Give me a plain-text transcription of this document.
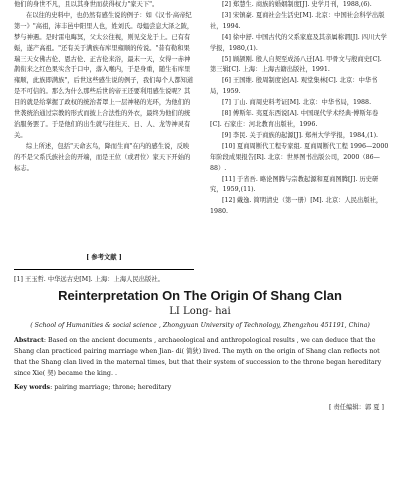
他们的身世不凡，且以其身世而获得权力"家天下"。

在以往的史料中，也仍然有感生说的例子：如《汉书·高帝纪第一》"高祖，沛丰邑中阳里人也，姓刘氏。母媪尝息大泽之陂，梦与神遇。是时雷电晦冥，父太公往视，则见交龙于上。已有有娠，遂产高祖。"还有关于满族布库里雍顺的传说。"昔有勒和果瑞三天女佛古伦、恩古伦、正古伦来浴，最末一天，女得一赤神鹊衔来之红色果实含于口中，落入喉内，于是身重，随生布库里雍顺，此族即满族"，后世这些感生说的例子，我们每个人都知道是不可信的。那么为什么那些后世的帝王还要利用感生说呢？其目的就是给掌握了政权的统治者罩上一层神秘的光环，为他们的世袭统治通过宗教的形式而披上合法性的外衣，最终为他们的统治服务罢了。于是他们的出生就与往往天、日、人、龙等神灵有关。

综上所述，包括"天命玄鸟，降而生商"在内的感生说，反映的不是父系氏族社会的开端，而是王位（或君位）家天下开始的标志。

[2] 郑慧生. 商族的婚姻制度[J]. 史学月刊，1988,(6).

[3] 宋镇豪. 夏商社会生活史[M]. 北京：中国社会科学出版社，1994.

[4] 徐中舒. 中国古代的父系家庭及其亲属称谓[J]. 四川大学学报，1980,(1).

[5] 顾颉刚. 殷人自契至成汤八迁[A]. 甲骨文与殷商史[C]. 第三辑[C]. 上海：上海古籍出版社，1991.

[6] 王国维. 殷周制度论[A]. 观堂集林[C]. 北京：中华书局，1959.

[7] 丁山. 商周史料考证[M]. 北京：中华书局，1988.

[8] 傅斯年. 夷夏东西说[A]. 中国现代学术经典·傅斯年卷[C]. 石家庄：河北教育出版社，1996.

[9] 李民. 关于商族的起源[J]. 郑州大学学报，1984,(1).

[10] 夏商周断代工程专家组. 夏商周断代工程 1996—2000 年阶段成果报告[R]. 北京：世界图书出版公司，2000（86—88）.

[11] 于省吾. 略论图腾与宗教起源和夏商图腾[J]. 历史研究，1959,(11).

[12] 戴逸. 简明清史（第一册）[M]. 北京：人民出版社，1980.

[ 参考文献 ]
[1] 王玉哲. 中华远古史[M]. 上海：上海人民出版社。
Reinterpretation On The Origin Of Shang Clan
LI Long- hai
( School of Humanities & social science , Zhongyuan University of Technology, Zhengzhou 451191, China)
Abstract: Based on the ancient documents , archaeological and anthropological results , we can deduce that the Shang clan practiced pairing marriage when Jian- di( 简狄) lived. The myth on the origin of Shang clan reflects not that the Shang clan lived in the maternal times, but that their system of succession to the throne began hereditary since Xie( 契) became the king. .
Key words: pairing marriage; throne; hereditary
[ 责任编辑：郭 夏 ]
